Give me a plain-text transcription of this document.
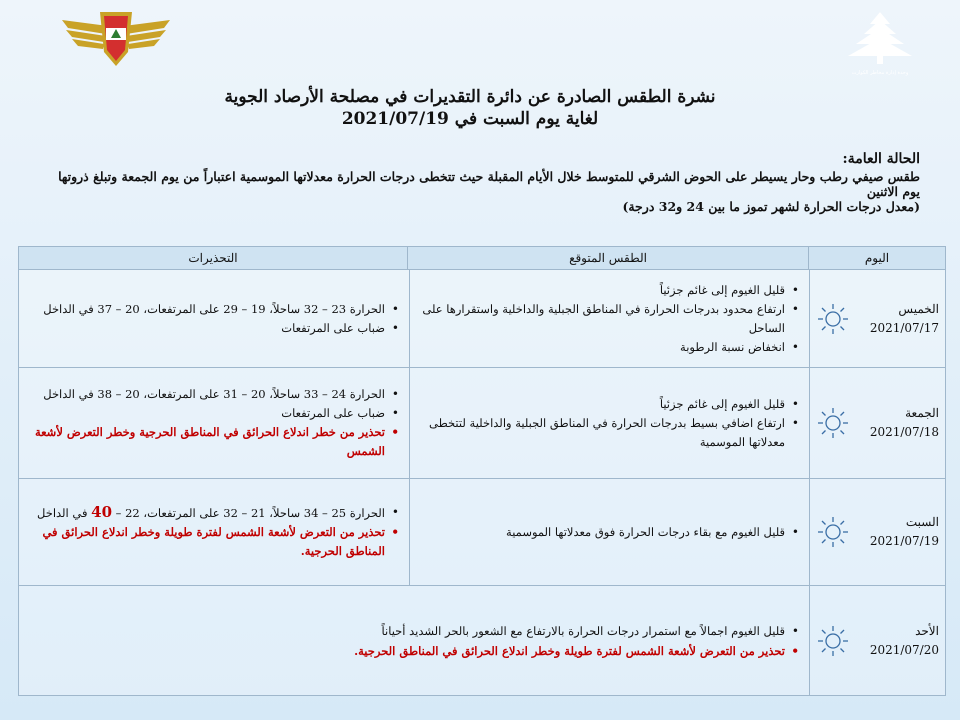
وحدة إدارة مخاطر الكوارث
نشرة الطقس الصادرة عن دائرة التقديرات في مصلحة الأرصاد الجوية
لغاية يوم السبت في 2021/07/19
الحالة العامة:
طقس صيفي رطب وحار يسيطر على الحوض الشرقي للمتوسط خلال الأيام المقبلة حيث تتخطى درجات الحرارة معدلاتها الموسمية اعتباراً من يوم الجمعة وتبلغ ذروتها يوم الاثنين
(معدل درجات الحرارة لشهر تموز ما بين 24 و32 درجة)
اليوم
الطقس المتوقع
التحذيرات
الخميس
2021/07/17
• قليل الغيوم إلى غائم جزئياً
• ارتفاع محدود بدرجات الحرارة في المناطق الجبلية والداخلية واستقرارها على الساحل
• انخفاض نسبة الرطوبة
• الحرارة 23 – 32 ساحلاً، 19 – 29 على المرتفعات، 20 – 37 في الداخل
• ضباب على المرتفعات
الجمعة
2021/07/18
• قليل الغيوم إلى غائم جزئياً
• ارتفاع اضافي بسيط بدرجات الحرارة في المناطق الجبلية والداخلية لتتخطى معدلاتها الموسمية
• الحرارة 24 – 33 ساحلاً، 20 – 31 على المرتفعات، 20 – 38 في الداخل
• ضباب على المرتفعات
• تحذير من خطر اندلاع الحرائق في المناطق الحرجية وخطر التعرض لأشعة الشمس
السبت
2021/07/19
• قليل الغيوم مع بقاء درجات الحرارة فوق معدلاتها الموسمية
• الحرارة 25 – 34 ساحلاً، 21 – 32 على المرتفعات، 22 – 40 في الداخل
• تحذير من التعرض لأشعة الشمس لفترة طويلة وخطر اندلاع الحرائق في المناطق الحرجية.
الأحد
2021/07/20
• قليل الغيوم اجمالاً مع استمرار درجات الحرارة بالارتفاع مع الشعور بالحر الشديد أحياناً
• تحذير من التعرض لأشعة الشمس لفترة طويلة وخطر اندلاع الحرائق في المناطق الحرجية.
